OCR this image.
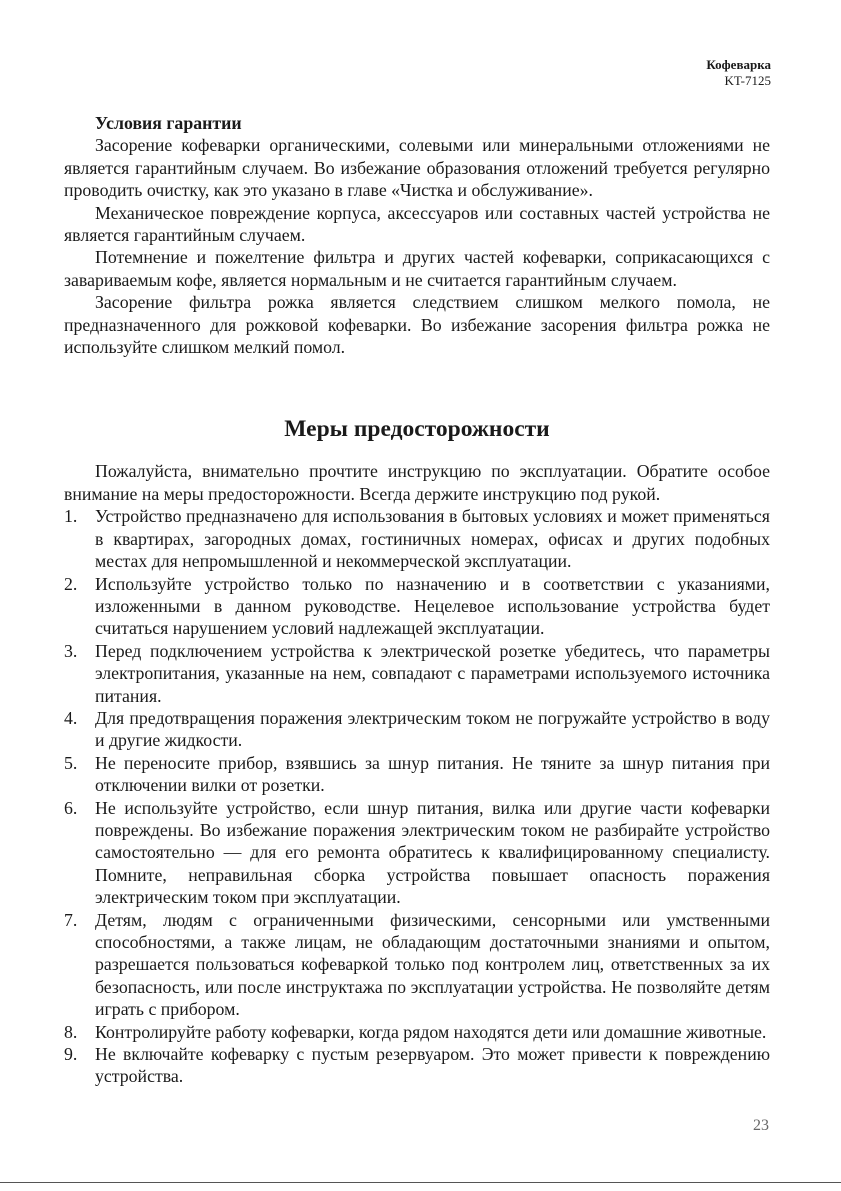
Кофеварка
KT-7125

Условия гарантии

Засорение кофеварки органическими, солевыми или минеральными отложениями не является гарантийным случаем. Во избежание образования отложений требуется регулярно проводить очистку, как это указано в главе «Чистка и обслуживание».

Механическое повреждение корпуса, аксессуаров или составных частей устройства не является гарантийным случаем.

Потемнение и пожелтение фильтра и других частей кофеварки, соприкасающихся с завариваемым кофе, является нормальным и не считается гарантийным случаем.

Засорение фильтра рожка является следствием слишком мелкого помола, не предназначенного для рожковой кофеварки. Во избежание засорения фильтра рожка не используйте слишком мелкий помол.

Меры предосторожности

Пожалуйста, внимательно прочтите инструкцию по эксплуатации. Обратите особое внимание на меры предосторожности. Всегда держите инструкцию под рукой.

1. Устройство предназначено для использования в бытовых условиях и может применяться в квартирах, загородных домах, гостиничных номерах, офисах и других подобных местах для непромышленной и некоммерческой эксплуатации.
2. Используйте устройство только по назначению и в соответствии с указаниями, изложенными в данном руководстве. Нецелевое использование устройства будет считаться нарушением условий надлежащей эксплуатации.
3. Перед подключением устройства к электрической розетке убедитесь, что параметры электропитания, указанные на нем, совпадают с параметрами используемого источника питания.
4. Для предотвращения поражения электрическим током не погружайте устройство в воду и другие жидкости.
5. Не переносите прибор, взявшись за шнур питания. Не тяните за шнур питания при отключении вилки от розетки.
6. Не используйте устройство, если шнур питания, вилка или другие части кофеварки повреждены. Во избежание поражения электрическим током не разбирайте устройство самостоятельно — для его ремонта обратитесь к квалифицированному специалисту. Помните, неправильная сборка устройства повышает опасность поражения электрическим током при эксплуатации.
7. Детям, людям с ограниченными физическими, сенсорными или умственными способностями, а также лицам, не обладающим достаточными знаниями и опытом, разрешается пользоваться кофеваркой только под контролем лиц, ответственных за их безопасность, или после инструктажа по эксплуатации устройства. Не позволяйте детям играть с прибором.
8. Контролируйте работу кофеварки, когда рядом находятся дети или домашние животные.
9. Не включайте кофеварку с пустым резервуаром. Это может привести к повреждению устройства.
23
